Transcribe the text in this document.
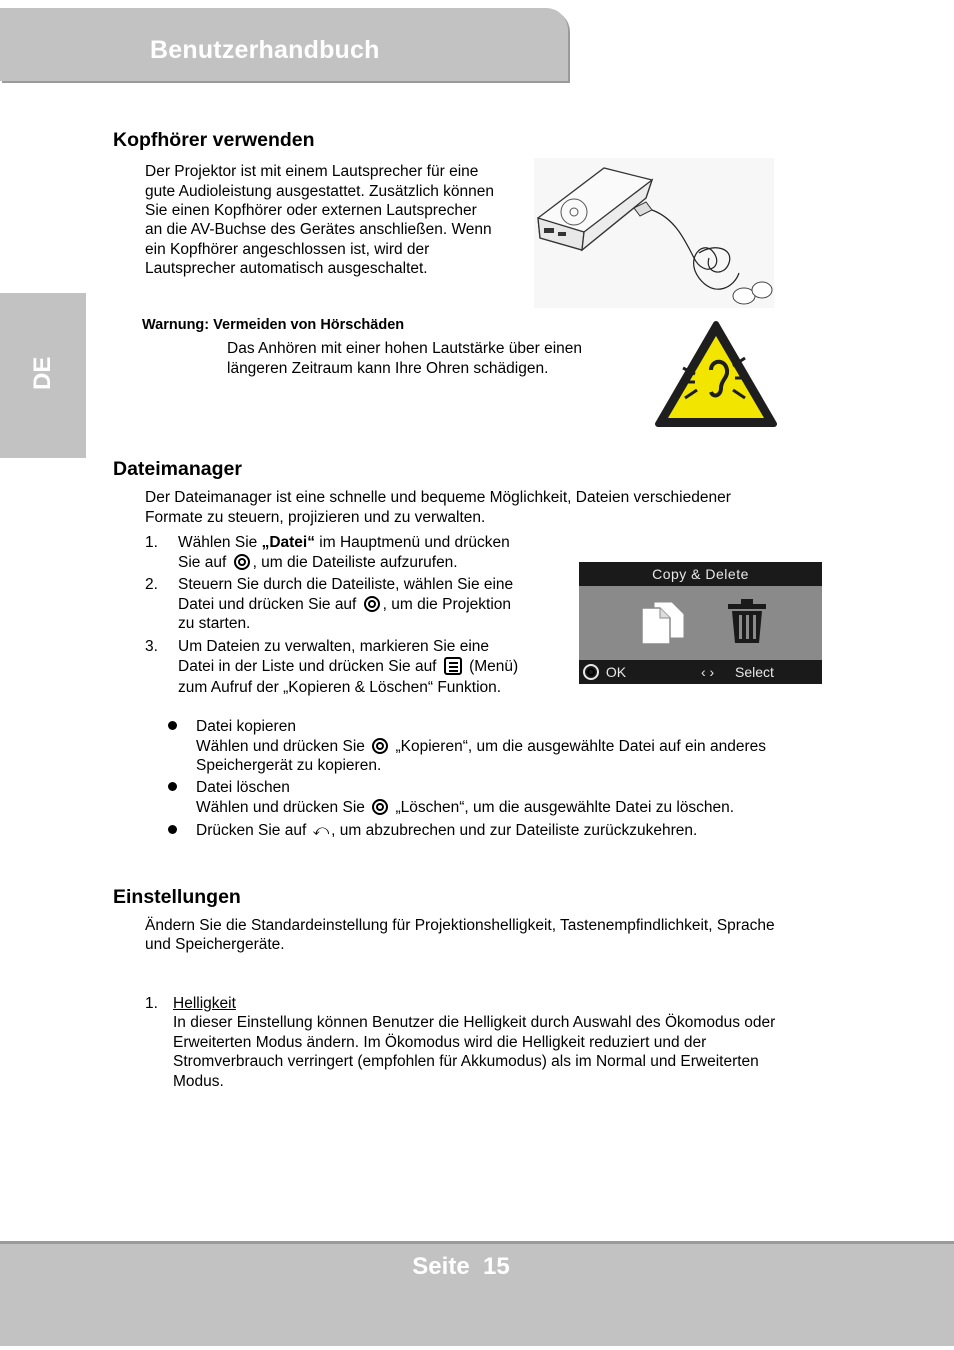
Benutzerhandbuch
DE
Kopfhörer verwenden
Der Projektor ist mit einem Lautsprecher für eine
gute Audioleistung ausgestattet. Zusätzlich können
Sie einen Kopfhörer oder externen Lautsprecher
an die AV-Buchse des Gerätes anschließen. Wenn
ein Kopfhörer angeschlossen ist, wird der
Lautsprecher automatisch ausgeschaltet.
Warnung: Vermeiden von Hörschäden
Das Anhören mit einer hohen Lautstärke über einen
längeren Zeitraum kann Ihre Ohren schädigen.
Dateimanager
Der Dateimanager ist eine schnelle und bequeme Möglichkeit, Dateien verschiedener
Formate zu steuern, projizieren und zu verwalten.
1. Wählen Sie „Datei“ im Hauptmenü und drücken
Sie auf , um die Dateiliste aufzurufen.
2. Steuern Sie durch die Dateiliste, wählen Sie eine
Datei und drücken Sie auf , um die Projektion
zu starten.
3. Um Dateien zu verwalten, markieren Sie eine
Datei in der Liste und drücken Sie auf
(Menü)
zum Aufruf der „Kopieren & Löschen“ Funktion.
Copy & Delete
OK	‹ › Select
Datei kopieren
Wählen und drücken Sie  „Kopieren“, um die ausgewählte Datei auf ein anderes
Speichergerät zu kopieren.
Datei löschen
Wählen und drücken Sie  „Löschen“, um die ausgewählte Datei zu löschen.
Drücken Sie auf ⤺ , um abzubrechen und zur Dateiliste zurückzukehren.
Einstellungen
Ändern Sie die Standardeinstellung für Projektionshelligkeit, Tastenempfindlichkeit, Sprache
und Speichergeräte.
1. Helligkeit
In dieser Einstellung können Benutzer die Helligkeit durch Auswahl des Ökomodus oder
Erweiterten Modus ändern. Im Ökomodus wird die Helligkeit reduziert und der
Stromverbrauch verringert (empfohlen für Akkumodus) als im Normal und Erweiterten
Modus.
Seite  15
